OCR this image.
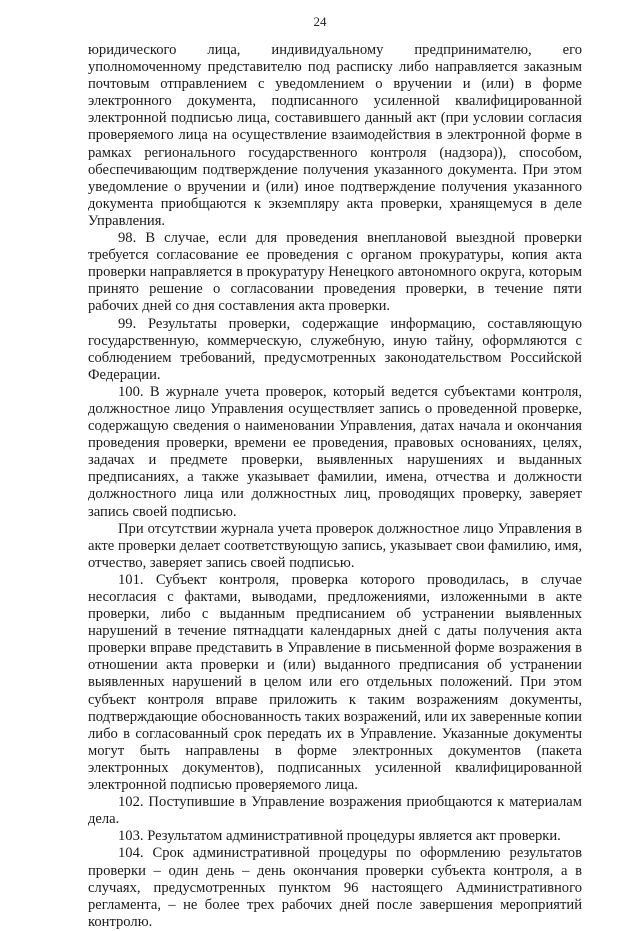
24

юридического лица, индивидуальному предпринимателю, его уполномоченному представителю под расписку либо направляется заказным почтовым отправлением с уведомлением о вручении и (или) в форме электронного документа, подписанного усиленной квалифицированной электронной подписью лица, составившего данный акт (при условии согласия проверяемого лица на осуществление взаимодействия в электронной форме в рамках регионального государственного контроля (надзора)), способом, обеспечивающим подтверждение получения указанного документа. При этом уведомление о вручении и (или) иное подтверждение получения указанного документа приобщаются к экземпляру акта проверки, хранящемуся в деле Управления.

98. В случае, если для проведения внеплановой выездной проверки требуется согласование ее проведения с органом прокуратуры, копия акта проверки направляется в прокуратуру Ненецкого автономного округа, которым принято решение о согласовании проведения проверки, в течение пяти рабочих дней со дня составления акта проверки.

99. Результаты проверки, содержащие информацию, составляющую государственную, коммерческую, служебную, иную тайну, оформляются с соблюдением требований, предусмотренных законодательством Российской Федерации.

100. В журнале учета проверок, который ведется субъектами контроля, должностное лицо Управления осуществляет запись о проведенной проверке, содержащую сведения о наименовании Управления, датах начала и окончания проведения проверки, времени ее проведения, правовых основаниях, целях, задачах и предмете проверки, выявленных нарушениях и выданных предписаниях, а также указывает фамилии, имена, отчества и должности должностного лица или должностных лиц, проводящих проверку, заверяет запись своей подписью.

При отсутствии журнала учета проверок должностное лицо Управления в акте проверки делает соответствующую запись, указывает свои фамилию, имя, отчество, заверяет запись своей подписью.

101. Субъект контроля, проверка которого проводилась, в случае несогласия с фактами, выводами, предложениями, изложенными в акте проверки, либо с выданным предписанием об устранении выявленных нарушений в течение пятнадцати календарных дней с даты получения акта проверки вправе представить в Управление в письменной форме возражения в отношении акта проверки и (или) выданного предписания об устранении выявленных нарушений в целом или его отдельных положений. При этом субъект контроля вправе приложить к таким возражениям документы, подтверждающие обоснованность таких возражений, или их заверенные копии либо в согласованный срок передать их в Управление. Указанные документы могут быть направлены в форме электронных документов (пакета электронных документов), подписанных усиленной квалифицированной электронной подписью проверяемого лица.

102. Поступившие в Управление возражения приобщаются к материалам дела.

103. Результатом административной процедуры является акт проверки.

104. Срок административной процедуры по оформлению результатов проверки – один день – день окончания проверки субъекта контроля, а в случаях, предусмотренных пунктом 96 настоящего Административного регламента, – не более трех рабочих дней после завершения мероприятий контролю.
